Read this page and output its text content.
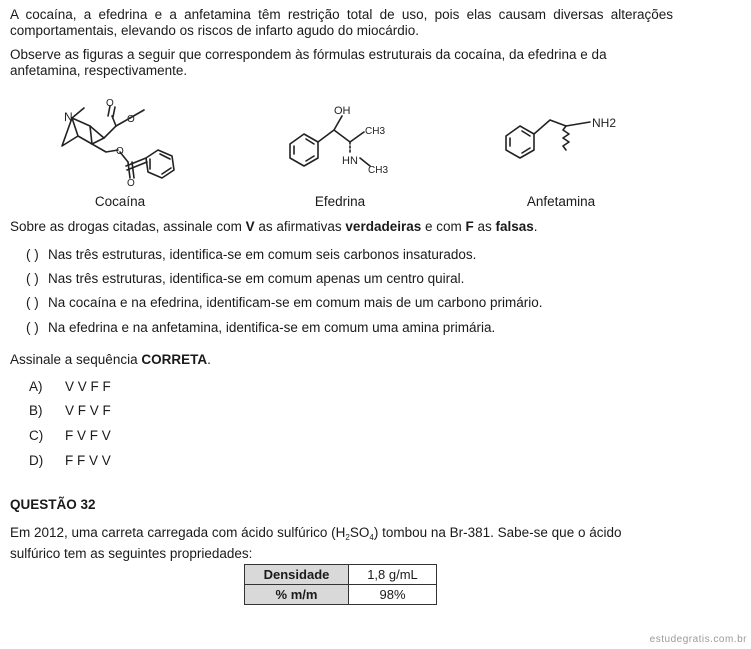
A cocaína, a efedrina e a anfetamina têm restrição total de uso, pois elas causam diversas alterações comportamentais, elevando os riscos de infarto agudo do miocárdio.
Observe as figuras a seguir que correspondem às fórmulas estruturais da cocaína, da efedrina e da anfetamina, respectivamente.
N
O
O
O
O
OH
CH3
HN
CH3
NH2
Cocaína	Efedrina	Anfetamina
Sobre as drogas citadas, assinale com V as afirmativas verdadeiras e com F as falsas.
( ) Nas três estruturas, identifica-se em comum seis carbonos insaturados.
( ) Nas três estruturas, identifica-se em comum apenas um centro quiral.
( ) Na cocaína e na efedrina, identificam-se em comum mais de um carbono primário.
( ) Na efedrina e na anfetamina, identifica-se em comum uma amina primária.
Assinale a sequência CORRETA.
A) V V F F
B) V F V F
C) F V F V
D) F F V V
QUESTÃO 32
Em 2012, uma carreta carregada com ácido sulfúrico $(H_2SO_4)$ tombou na Br-381. Sabe-se que o ácido sulfúrico tem as seguintes propriedades:
Densidade	1,8 g/mL
% m/m	98%
estudegratis.com.br
